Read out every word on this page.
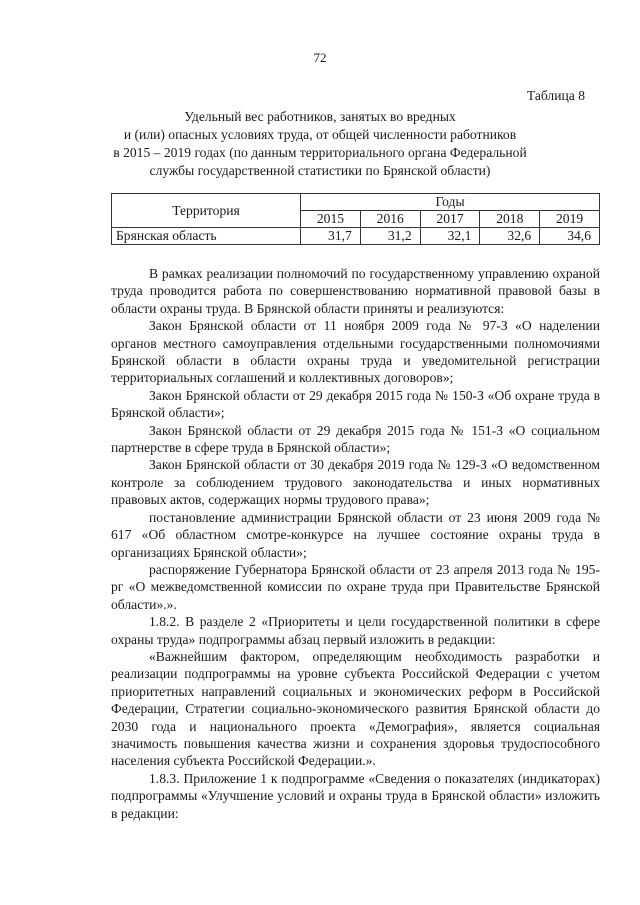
72
Таблица 8
Удельный вес работников, занятых во вредных
и (или) опасных условиях труда, от общей численности работников
в 2015 – 2019 годах (по данным территориального органа Федеральной
службы государственной статистики по Брянской области)
Территория	Годы				
	2015	2016	2017	2018	2019
Брянская область	31,7	31,2	32,1	32,6	34,6

В рамках реализации полномочий по государственному управлению охраной труда проводится работа по совершенствованию нормативной правовой базы в области охраны труда. В Брянской области приняты и реализуются:

Закон Брянской области от 11 ноября 2009 года № 97-З «О наделении органов местного самоуправления отдельными государственными полномочиями Брянской области в области охраны труда и уведомительной регистрации территориальных соглашений и коллективных договоров»;

Закон Брянской области от 29 декабря 2015 года № 150-З «Об охране труда в Брянской области»;

Закон Брянской области от 29 декабря 2015 года № 151-З «О социальном партнерстве в сфере труда в Брянской области»;

Закон Брянской области от 30 декабря 2019 года № 129-З «О ведомственном контроле за соблюдением трудового законодательства и иных нормативных правовых актов, содержащих нормы трудового права»;

постановление администрации Брянской области от 23 июня 2009 года № 617 «Об областном смотре-конкурсе на лучшее состояние охраны труда в организациях Брянской области»;

распоряжение Губернатора Брянской области от 23 апреля 2013 года № 195-рг «О межведомственной комиссии по охране труда при Правительстве Брянской области».».

1.8.2. В разделе 2 «Приоритеты и цели государственной политики в сфере охраны труда» подпрограммы абзац первый изложить в редакции:

«Важнейшим фактором, определяющим необходимость разработки и реализации подпрограммы на уровне субъекта Российской Федерации с учетом приоритетных направлений социальных и экономических реформ в Российской Федерации, Стратегии социально-экономического развития Брянской области до 2030 года и национального проекта «Демография», является социальная значимость повышения качества жизни и сохранения здоровья трудоспособного населения субъекта Российской Федерации.».

1.8.3. Приложение 1 к подпрограмме «Сведения о показателях (индикаторах) подпрограммы «Улучшение условий и охраны труда в Брянской области» изложить в редакции:
